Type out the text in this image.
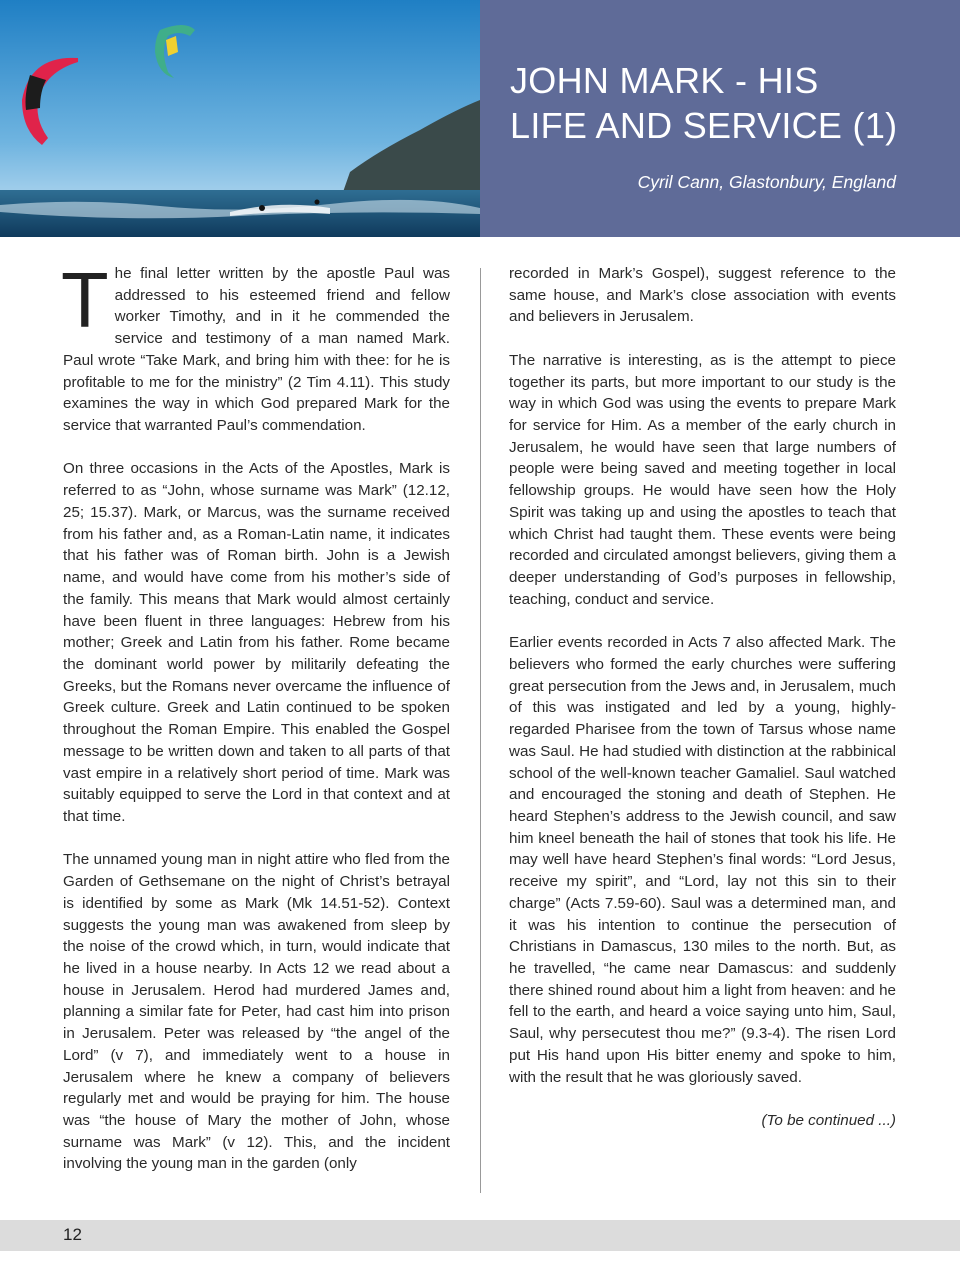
JOHN MARK - HIS
LIFE AND SERVICE (1)
Cyril Cann, Glastonbury, England

The final letter written by the apostle Paul was addressed to his esteemed friend and fellow worker Timothy, and in it he commended the service and testimony of a man named Mark. Paul wrote “Take Mark, and bring him with thee: for he is profitable to me for the ministry” (2 Tim 4.11). This study examines the way in which God prepared Mark for the service that warranted Paul’s commendation.

On three occasions in the Acts of the Apostles, Mark is referred to as “John, whose surname was Mark” (12.12, 25; 15.37). Mark, or Marcus, was the surname received from his father and, as a Roman-Latin name, it indicates that his father was of Roman birth. John is a Jewish name, and would have come from his mother’s side of the family. This means that Mark would almost certainly have been fluent in three languages: Hebrew from his mother; Greek and Latin from his father. Rome became the dominant world power by militarily defeating the Greeks, but the Romans never overcame the influence of Greek culture. Greek and Latin continued to be spoken throughout the Roman Empire. This enabled the Gospel message to be written down and taken to all parts of that vast empire in a relatively short period of time. Mark was suitably equipped to serve the Lord in that context and at that time.

The unnamed young man in night attire who fled from the Garden of Gethsemane on the night of Christ’s betrayal is identified by some as Mark (Mk 14.51-52). Context suggests the young man was awakened from sleep by the noise of the crowd which, in turn, would indicate that he lived in a house nearby. In Acts 12 we read about a house in Jerusalem. Herod had murdered James and, planning a similar fate for Peter, had cast him into prison in Jerusalem. Peter was released by “the angel of the Lord” (v 7), and immediately went to a house in Jerusalem where he knew a company of believers regularly met and would be praying for him. The house was “the house of Mary the mother of John, whose surname was Mark” (v 12). This, and the incident involving the young man in the garden (only

recorded in Mark’s Gospel), suggest reference to the same house, and Mark’s close association with events and believers in Jerusalem.

The narrative is interesting, as is the attempt to piece together its parts, but more important to our study is the way in which God was using the events to prepare Mark for service for Him. As a member of the early church in Jerusalem, he would have seen that large numbers of people were being saved and meeting together in local fellowship groups. He would have seen how the Holy Spirit was taking up and using the apostles to teach that which Christ had taught them. These events were being recorded and circulated amongst believers, giving them a deeper understanding of God’s purposes in fellowship, teaching, conduct and service.

Earlier events recorded in Acts 7 also affected Mark. The believers who formed the early churches were suffering great persecution from the Jews and, in Jerusalem, much of this was instigated and led by a young, highly-regarded Pharisee from the town of Tarsus whose name was Saul. He had studied with distinction at the rabbinical school of the well-known teacher Gamaliel. Saul watched and encouraged the stoning and death of Stephen. He heard Stephen’s address to the Jewish council, and saw him kneel beneath the hail of stones that took his life. He may well have heard Stephen’s final words: “Lord Jesus, receive my spirit”, and “Lord, lay not this sin to their charge” (Acts 7.59-60). Saul was a determined man, and it was his intention to continue the persecution of Christians in Damascus, 130 miles to the north. But, as he travelled, “he came near Damascus: and suddenly there shined round about him a light from heaven: and he fell to the earth, and heard a voice saying unto him, Saul, Saul, why persecutest thou me?” (9.3-4). The risen Lord put His hand upon His bitter enemy and spoke to him, with the result that he was gloriously saved.

(To be continued ...)

12
